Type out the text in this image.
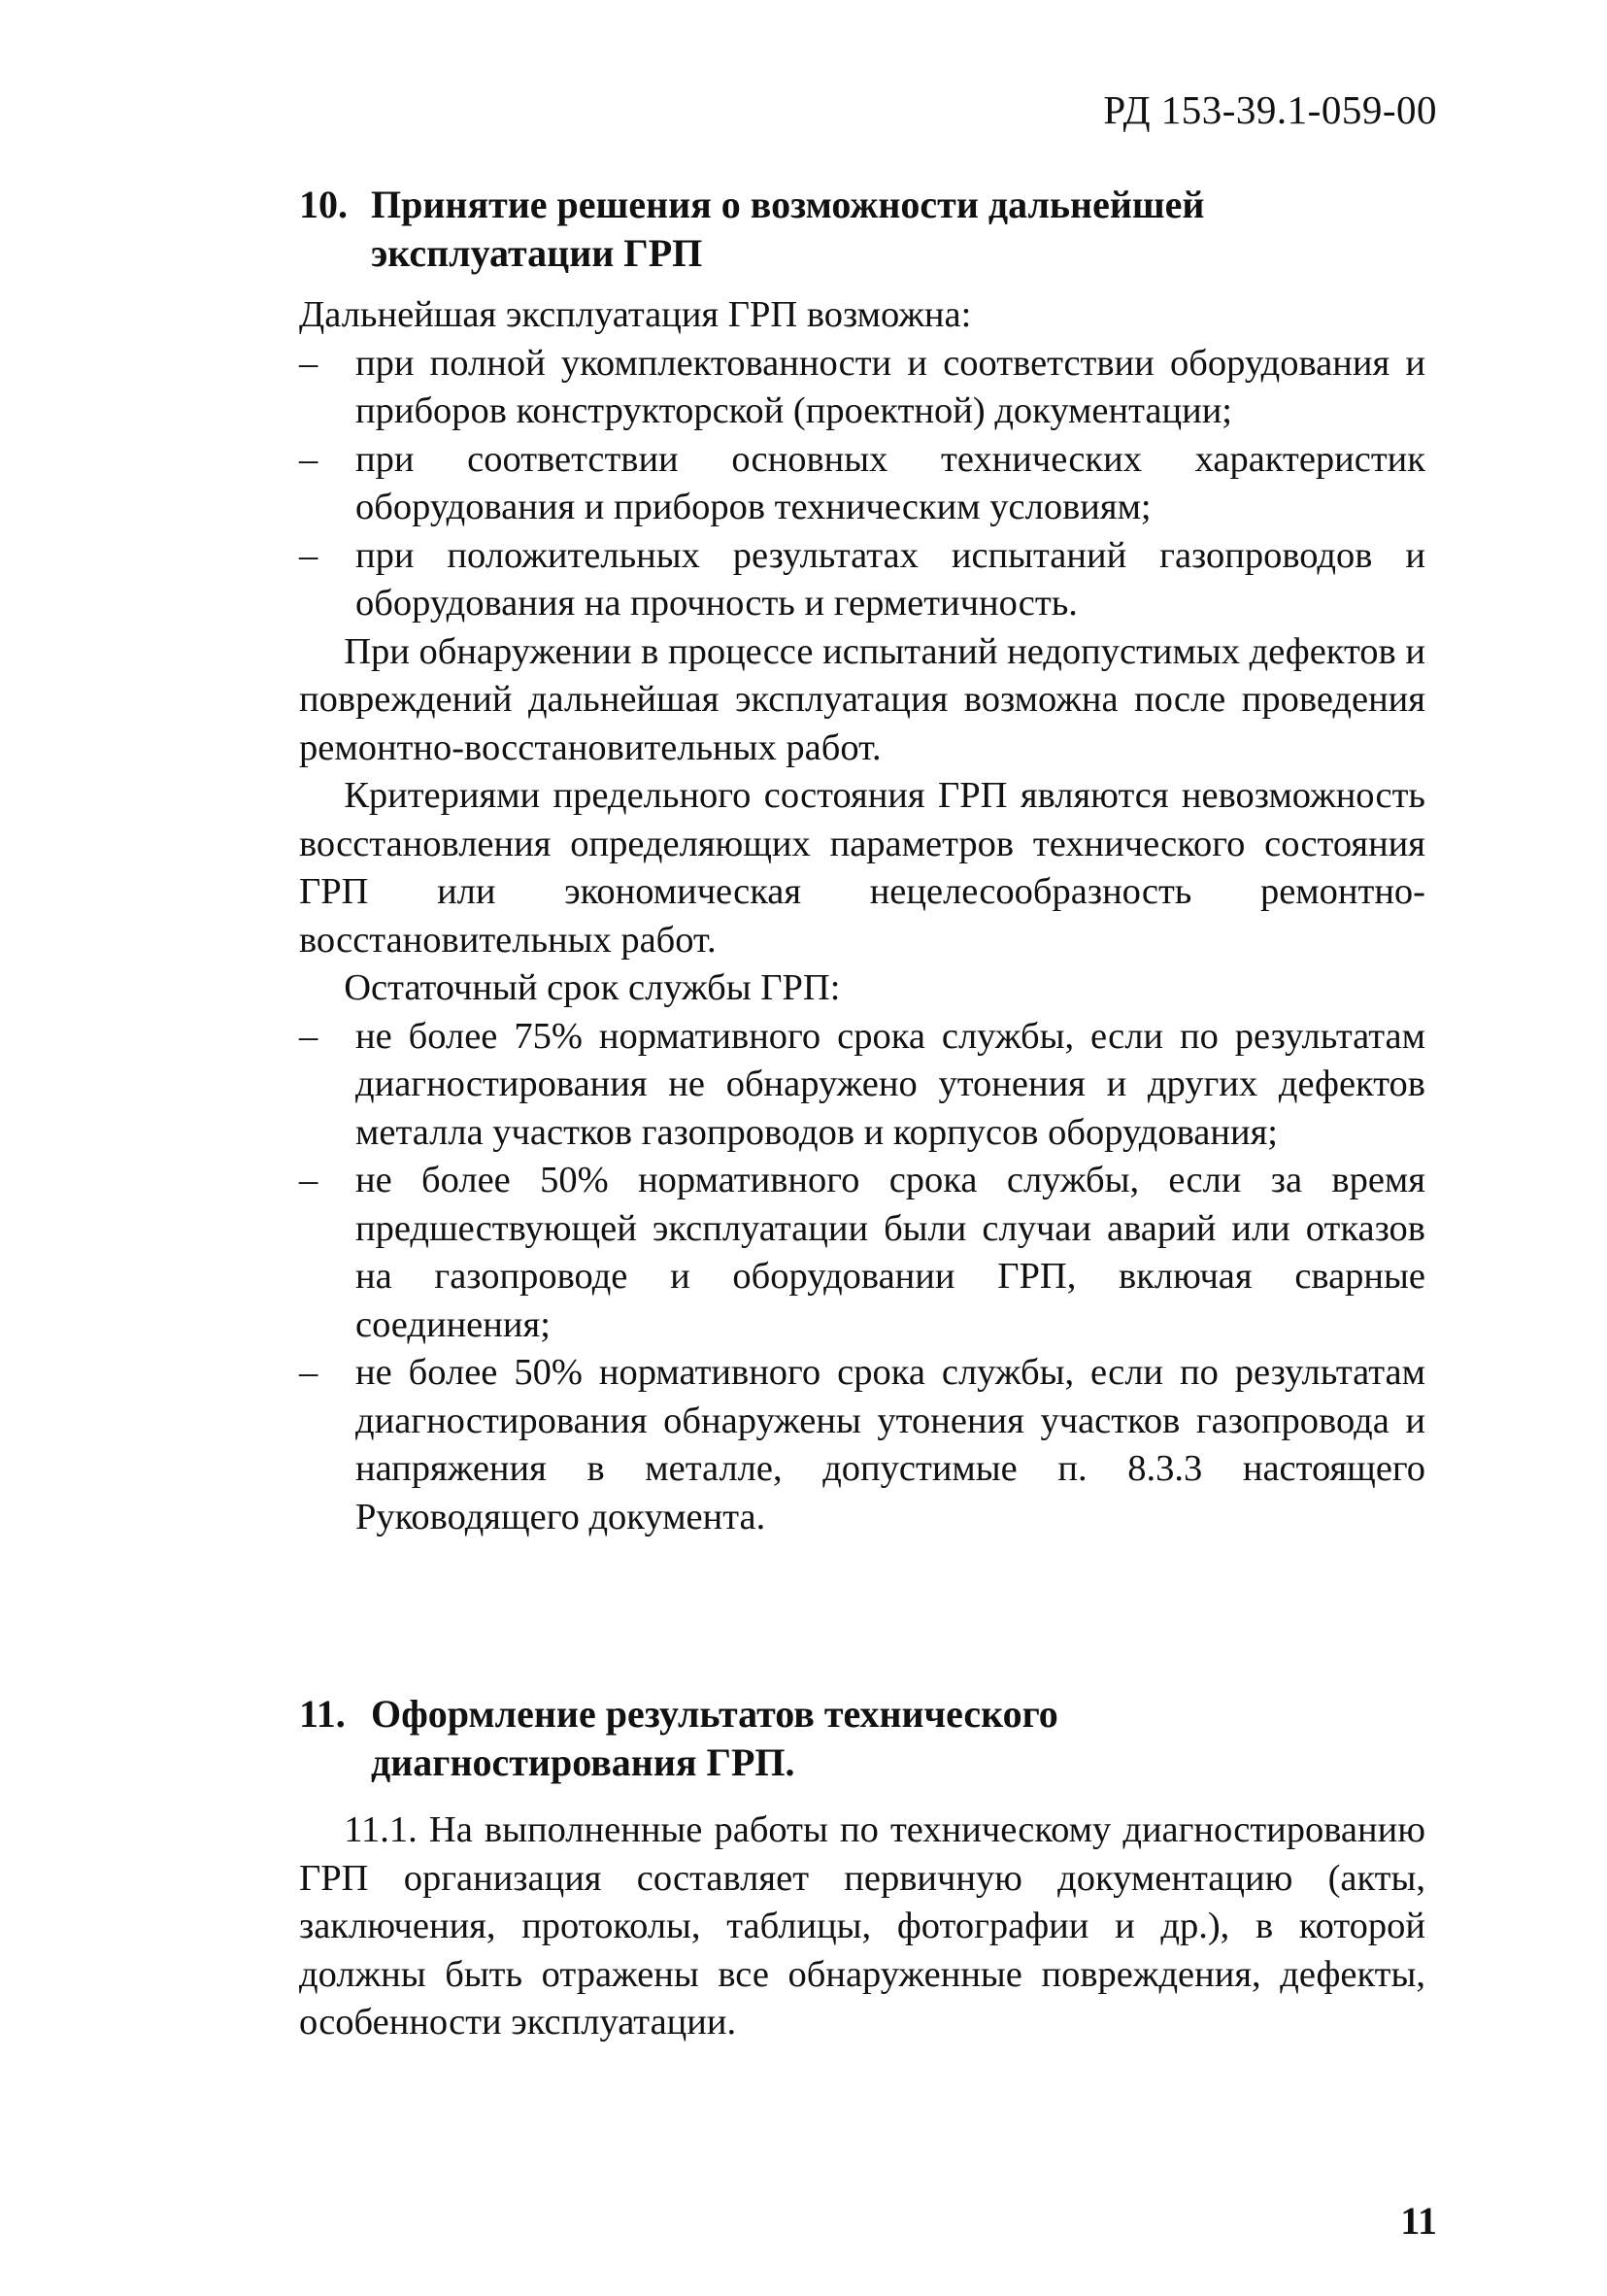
РД 153-39.1-059-00
10. Принятие решения о возможности дальнейшей
эксплуатации ГРП

Дальнейшая эксплуатация ГРП возможна:

–	при полной укомплектованности и соответствии оборудования и приборов конструкторской (проектной) документации;
–	при соответствии основных технических характеристик оборудования и приборов техническим условиям;
–	при положительных результатах испытаний газопроводов и оборудования на прочность и герметичность.

При обнаружении в процессе испытаний недопустимых дефектов и повреждений дальнейшая эксплуатация возможна после проведения ремонтно-восстановительных работ.

Критериями предельного состояния ГРП являются невозможность восстановления определяющих параметров технического состояния ГРП или экономическая нецелесообразность ремонтно-восстановительных работ.

Остаточный срок службы ГРП:

–	не более 75% нормативного срока службы, если по результатам диагностирования не обнаружено утонения и других дефектов металла участков газопроводов и корпусов оборудования;
–	не более 50% нормативного срока службы, если за время предшествующей эксплуатации были случаи аварий или отказов на газопроводе и оборудовании ГРП, включая сварные соединения;
–	не более 50% нормативного срока службы, если по результатам диагностирования обнаружены утонения участков газопровода и напряжения в металле, допустимые п. 8.3.3 настоящего Руководящего документа.
11. Оформление результатов технического
диагностирования ГРП.

11.1. На выполненные работы по техническому диагностированию ГРП организация составляет первичную документацию (акты, заключения, протоколы, таблицы, фотографии и др.), в которой должны быть отражены все обнаруженные повреждения, дефекты, особенности эксплуатации.

11
